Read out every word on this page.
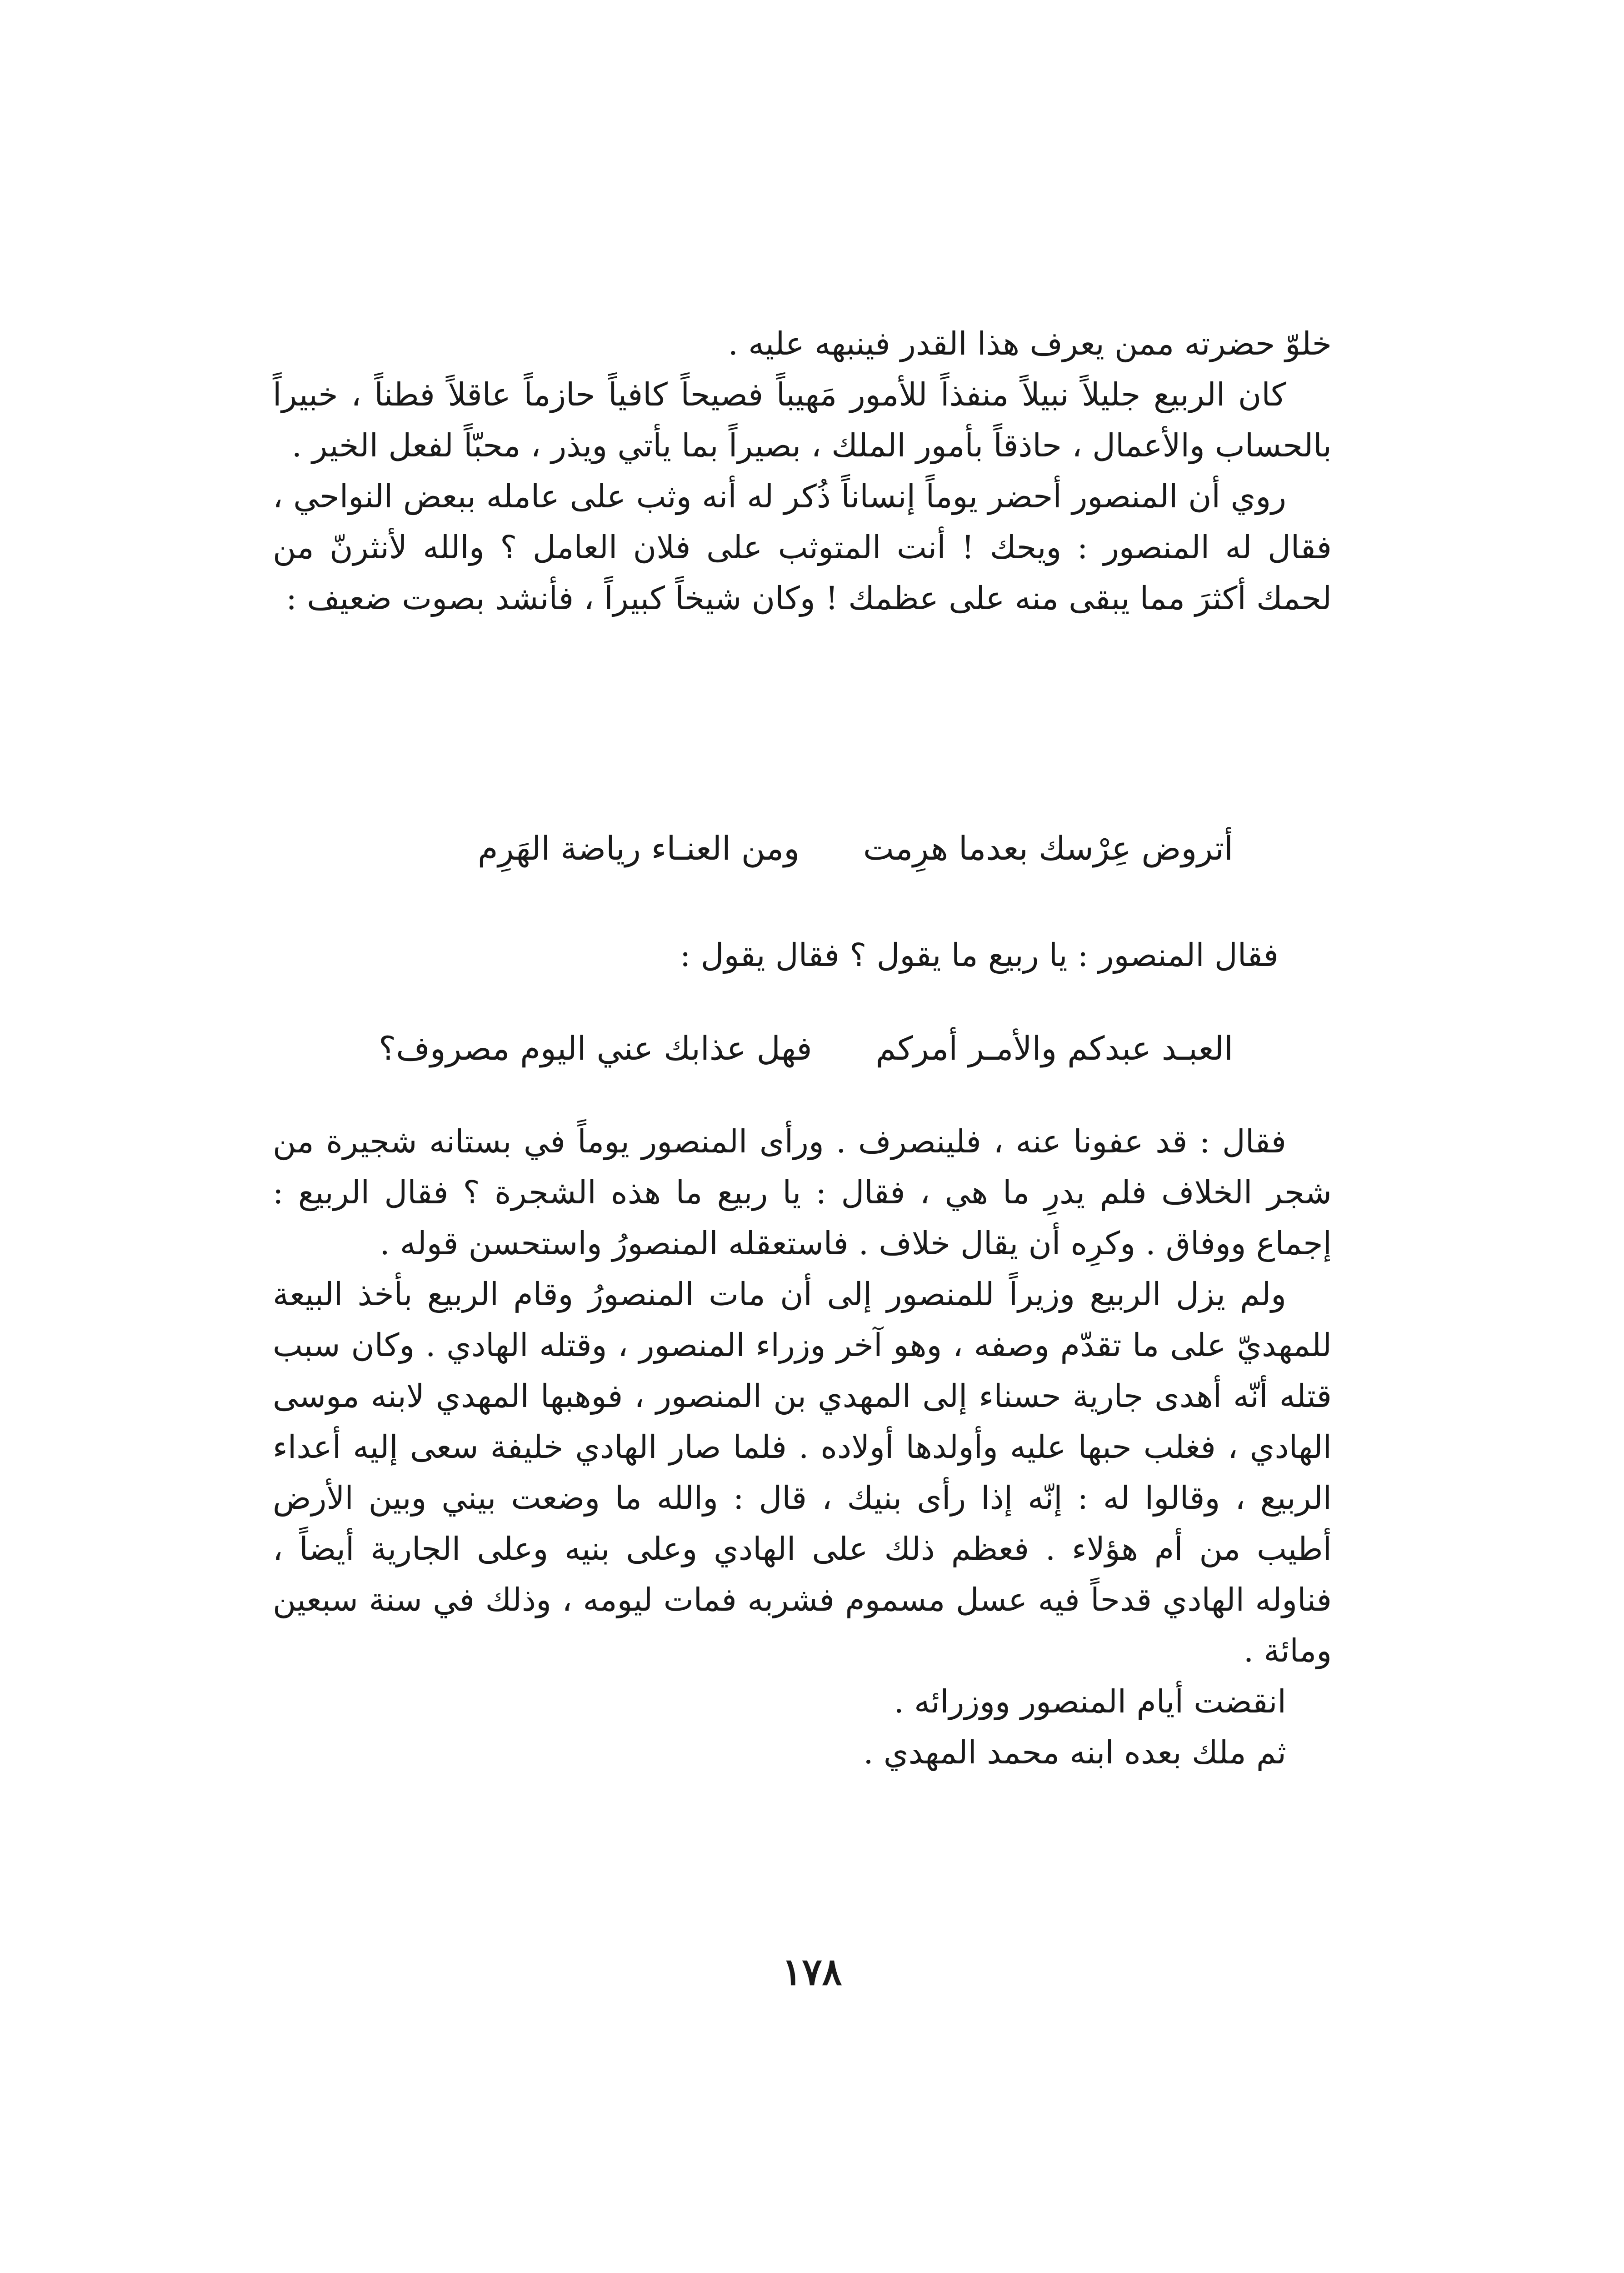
خلوّ حضرته ممن يعرف هذا القدر فينبهه عليه .

كان الربيع جليلاً نبيلاً منفذاً للأمور مَهيباً فصيحاً كافياً حازماً عاقلاً فطناً ، خبيراً بالحساب والأعمال ، حاذقاً بأمور الملك ، بصيراً بما يأتي ويذر ، محبّاً لفعل الخير .

روي أن المنصور أحضر يوماً إنساناً ذُكر له أنه وثب على عامله ببعض النواحي ، فقال له المنصور : ويحك ! أنت المتوثب على فلان العامل ؟ والله لأنثرنّ من لحمك أكثرَ مما يبقى منه على عظمك ! وكان شيخاً كبيراً ، فأنشد بصوت ضعيف :

أتروض عِرْسك بعدما هرِمت
ومن العنـاء رياضة الهَرِم
فقال المنصور : يا ربيع ما يقول ؟ فقال يقول :
العبـد عبدكم والأمـر أمركم
فهل عذابك عني اليوم مصروف؟

فقال : قد عفونا عنه ، فلينصرف . ورأى المنصور يوماً في بستانه شجيرة من شجر الخلاف فلم يدرِ ما هي ، فقال : يا ربيع ما هذه الشجرة ؟ فقال الربيع : إجماع ووفاق . وكرِه أن يقال خلاف . فاستعقله المنصورُ واستحسن قوله .

ولم يزل الربيع وزيراً للمنصور إلى أن مات المنصورُ وقام الربيع بأخذ البيعة للمهديّ على ما تقدّم وصفه ، وهو آخر وزراء المنصور ، وقتله الهادي . وكان سبب قتله أنّه أهدى جارية حسناء إلى المهدي بن المنصور ، فوهبها المهدي لابنه موسى الهادي ، فغلب حبها عليه وأولدها أولاده . فلما صار الهادي خليفة سعى إليه أعداء الربيع ، وقالوا له : إنّه إذا رأى بنيك ، قال : والله ما وضعت بيني وبين الأرض أطيب من أم هؤلاء . فعظم ذلك على الهادي وعلى بنيه وعلى الجارية أيضاً ، فناوله الهادي قدحاً فيه عسل مسموم فشربه فمات ليومه ، وذلك في سنة سبعين ومائة .

انقضت أيام المنصور ووزرائه .

ثم ملك بعده ابنه محمد المهدي .

١٧٨
